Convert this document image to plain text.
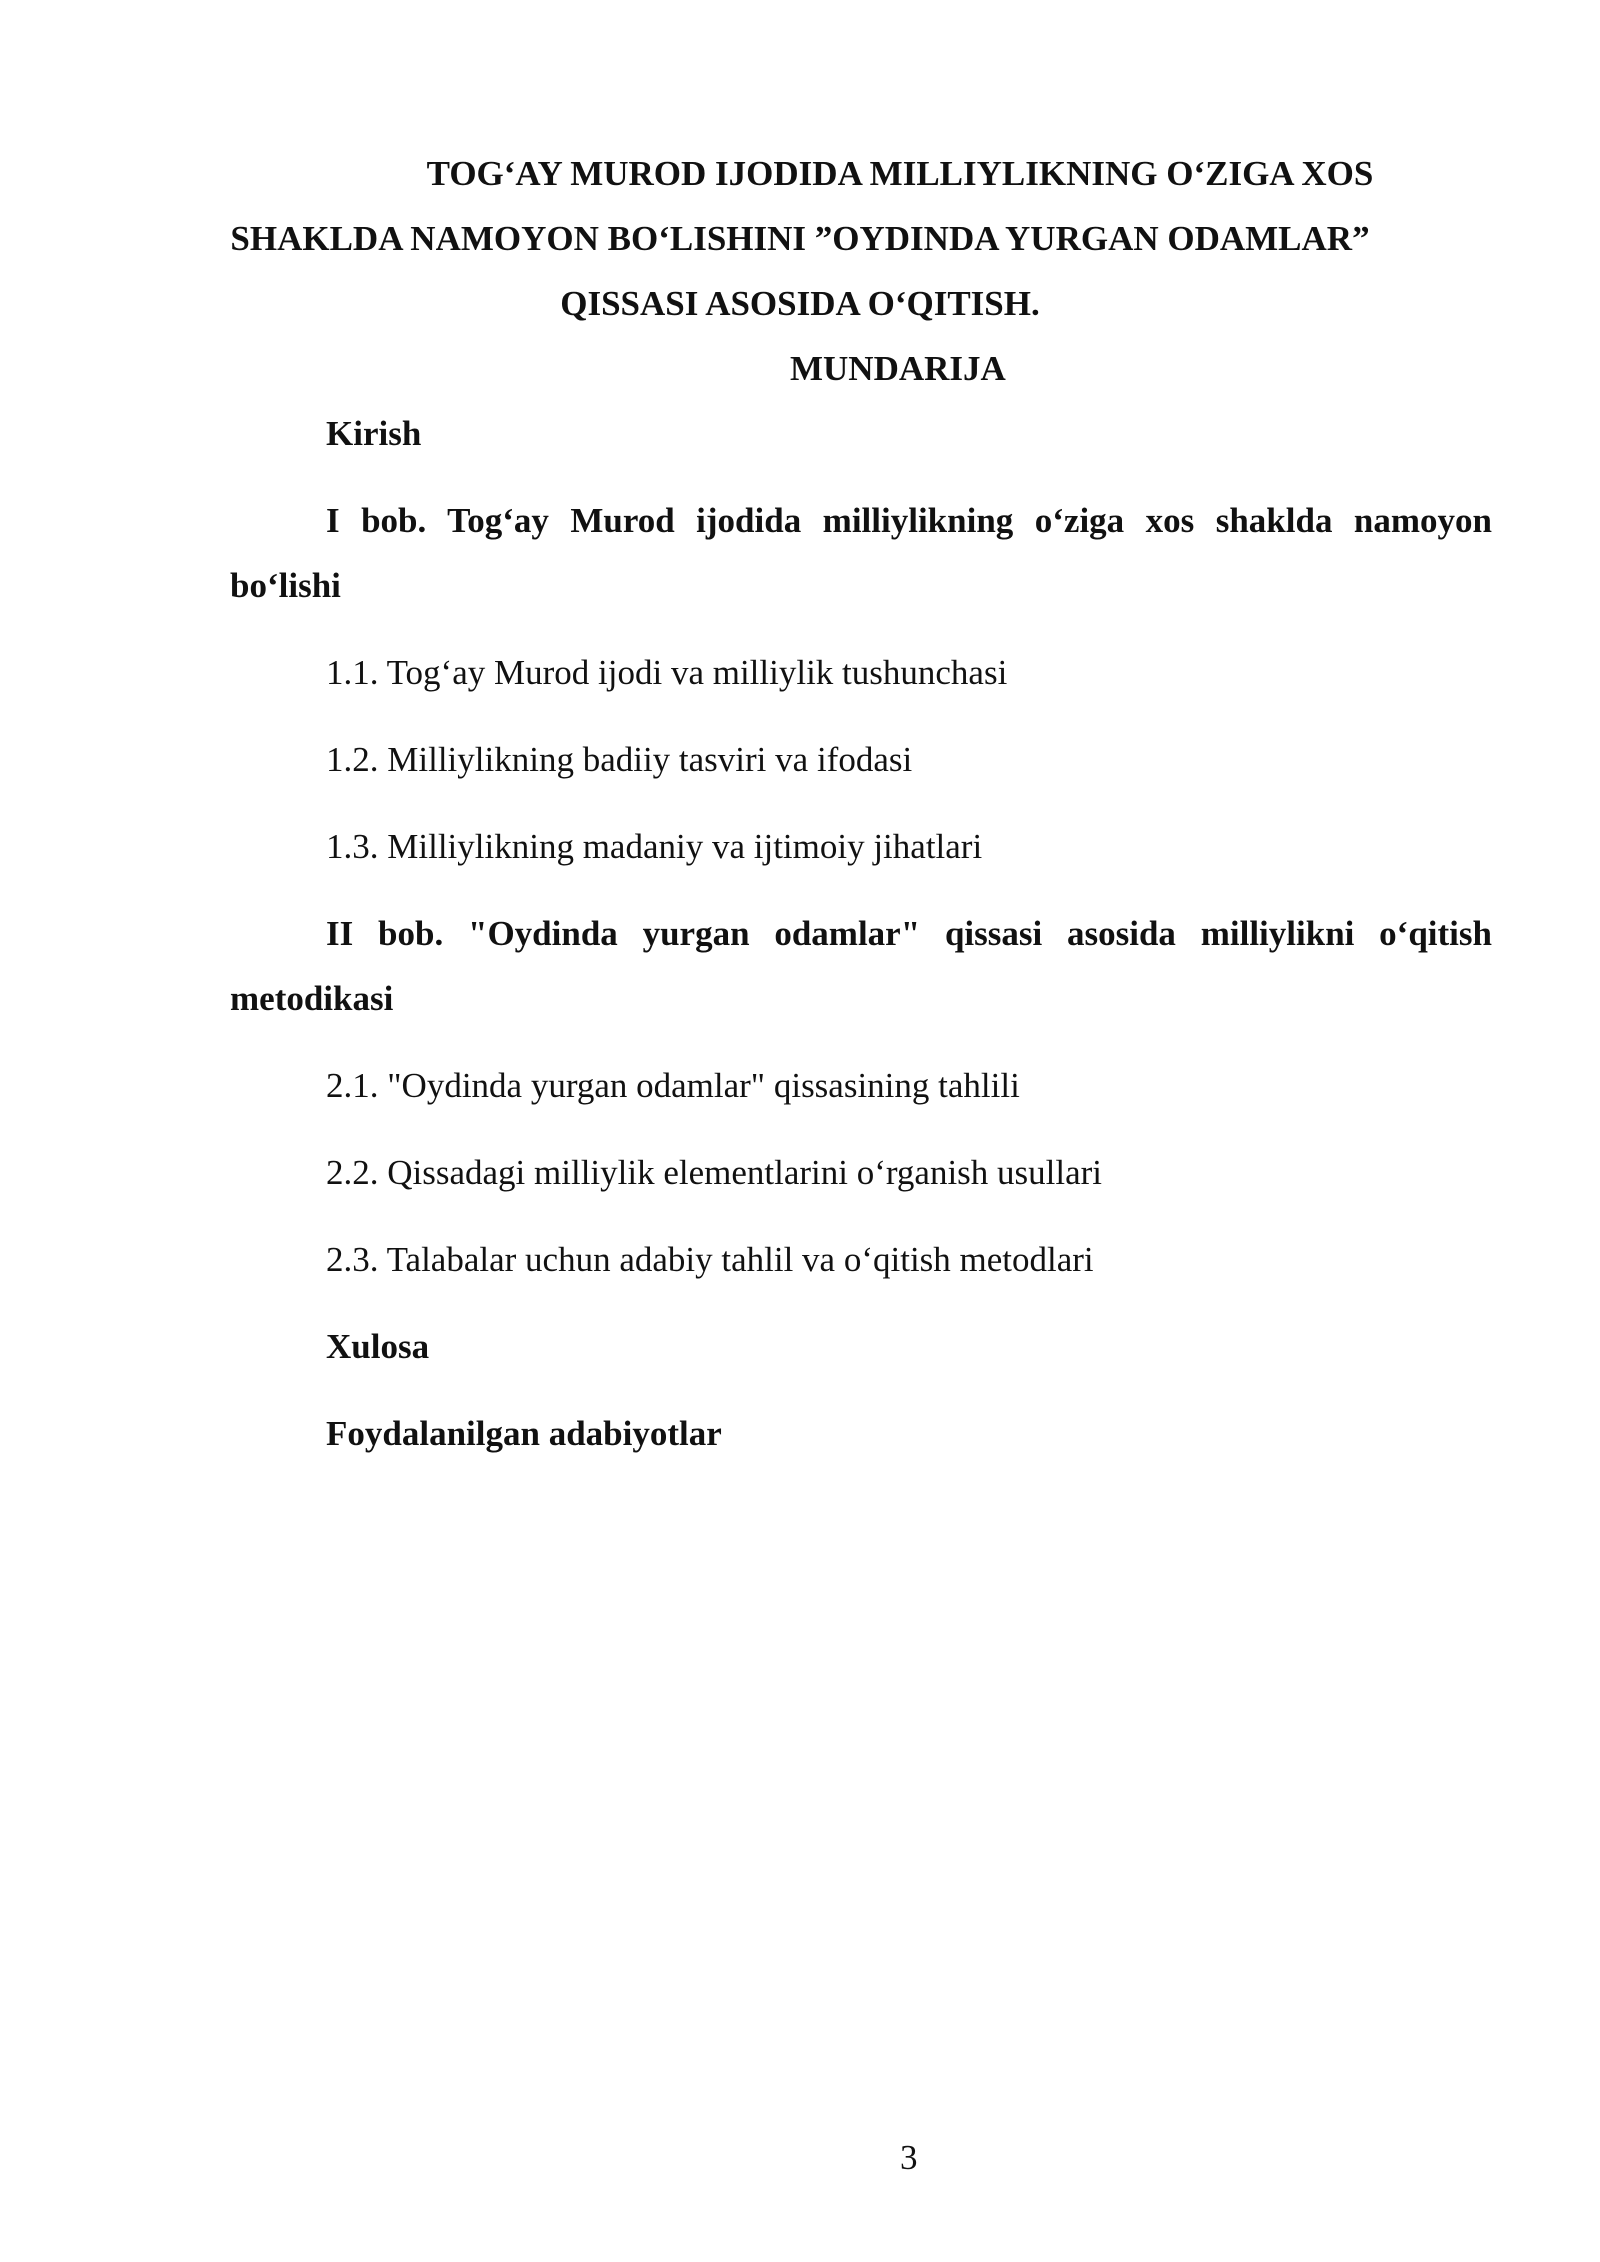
TOG‘AY MUROD IJODIDA MILLIYLIKNING O‘ZIGA XOS
SHAKLDA NAMOYON BO‘LISHINI ”OYDINDA YURGAN ODAMLAR”
QISSASI ASOSIDA O‘QITISH.
MUNDARIJA
Kirish
I bob. Tog‘ay Murod ijodida milliylikning o‘ziga xos shaklda namoyon
bo‘lishi
1.1. Tog‘ay Murod ijodi va milliylik tushunchasi
1.2. Milliylikning badiiy tasviri va ifodasi
1.3. Milliylikning madaniy va ijtimoiy jihatlari
II bob. "Oydinda yurgan odamlar" qissasi asosida milliylikni o‘qitish
metodikasi
2.1. "Oydinda yurgan odamlar" qissasining tahlili
2.2. Qissadagi milliylik elementlarini o‘rganish usullari
2.3. Talabalar uchun adabiy tahlil va o‘qitish metodlari
Xulosa
Foydalanilgan adabiyotlar
3
